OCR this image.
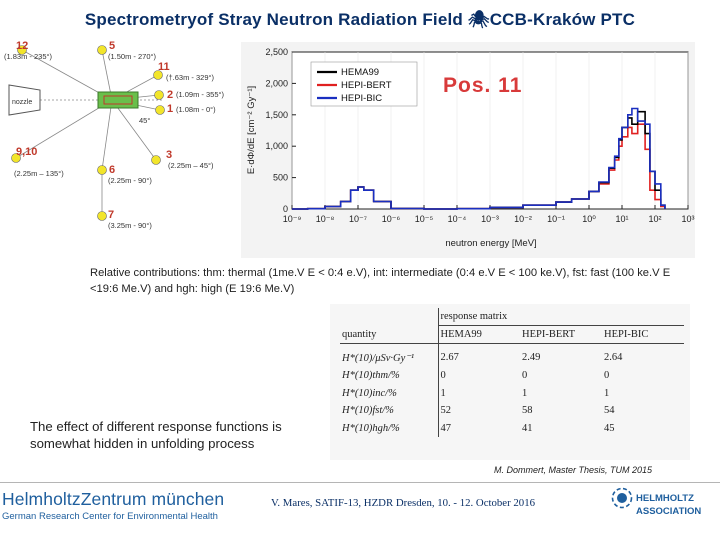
Spectrometryof Stray Neutron Radiation Field 🕷CCB-Kraków PTC
nozzle
45°
12
(1.83m - 235°)
5
(1.50m - 270°)
11
(†.63m - 329°)
2 (1.09m - 355°)
1 (1.08m - 0°)
9,10
(2.25m – 135°)	6
(2.25m - 90°)
3
(2.25m – 45°)
7
(3.25m - 90°)
0
500
1,000
1,500
2,000
2,500
10⁻⁹ 10⁻⁸ 10⁻⁷ 10⁻⁶ 10⁻⁵ 10⁻⁴ 10⁻³ 10⁻² 10⁻¹ 10⁰ 10¹ 10² 10³
HEMA99
HEPI-BERT
HEPI-BIC
Pos. 11
neutron energy [MeV]
E·dΦ/dE [cm⁻² Gy⁻¹]
Relative contributions: thm: thermal (1me.V E < 0:4 e.V), int: intermediate (0:4 e.V E < 100 ke.V), fst: fast (100 ke.V E <19:6 Me.V) and hgh: high (E 19:6 Me.V)
	response matrix		
quantity	HEMA99	HEPI-BERT	HEPI-BIC

H*(10)/μSv·Gy⁻¹	2.67	2.49	2.64
H*(10)thm/%	0	0	0
H*(10)inc/%	1	1	1
H*(10)fst/%	52	58	54
H*(10)hgh/%	47	41	45
The effect of different response functions is somewhat hidden in unfolding process
M. Dommert, Master Thesis, TUM 2015
HelmholtzZentrum münchen
German Research Center for Environmental Health
V. Mares, SATIF-13, HZDR Dresden, 10. - 12. October 2016	HELMHOLTZ
ASSOCIATION
